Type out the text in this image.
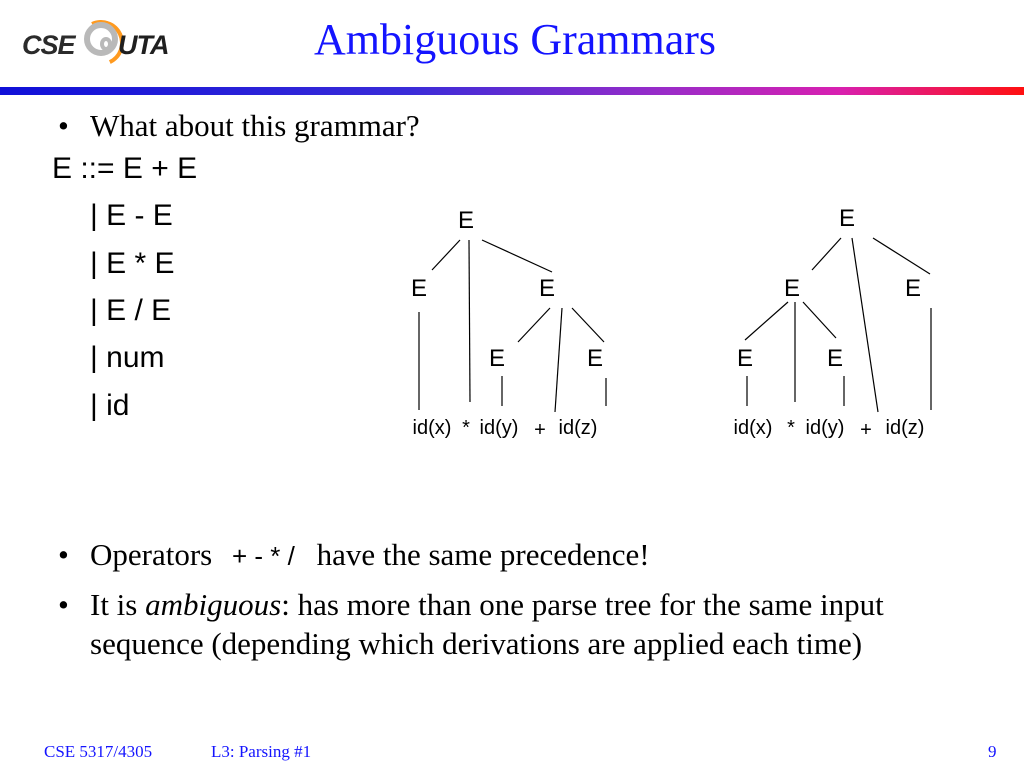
CSE UTA	Ambiguous Grammars
• What about this grammar?
E ::= E + E
| E - E
| E * E
| E / E
| num
| id
E
E	E
E	E
id(x) * id(y) + id(z)
E
E	E
E	E
id(x) * id(y) + id(z)
• Operators + - * / have the same precedence!
• It is ambiguous: has more than one parse tree for the same input
sequence (depending which derivations are applied each time)
CSE 5317/4305	L3: Parsing #1	9
